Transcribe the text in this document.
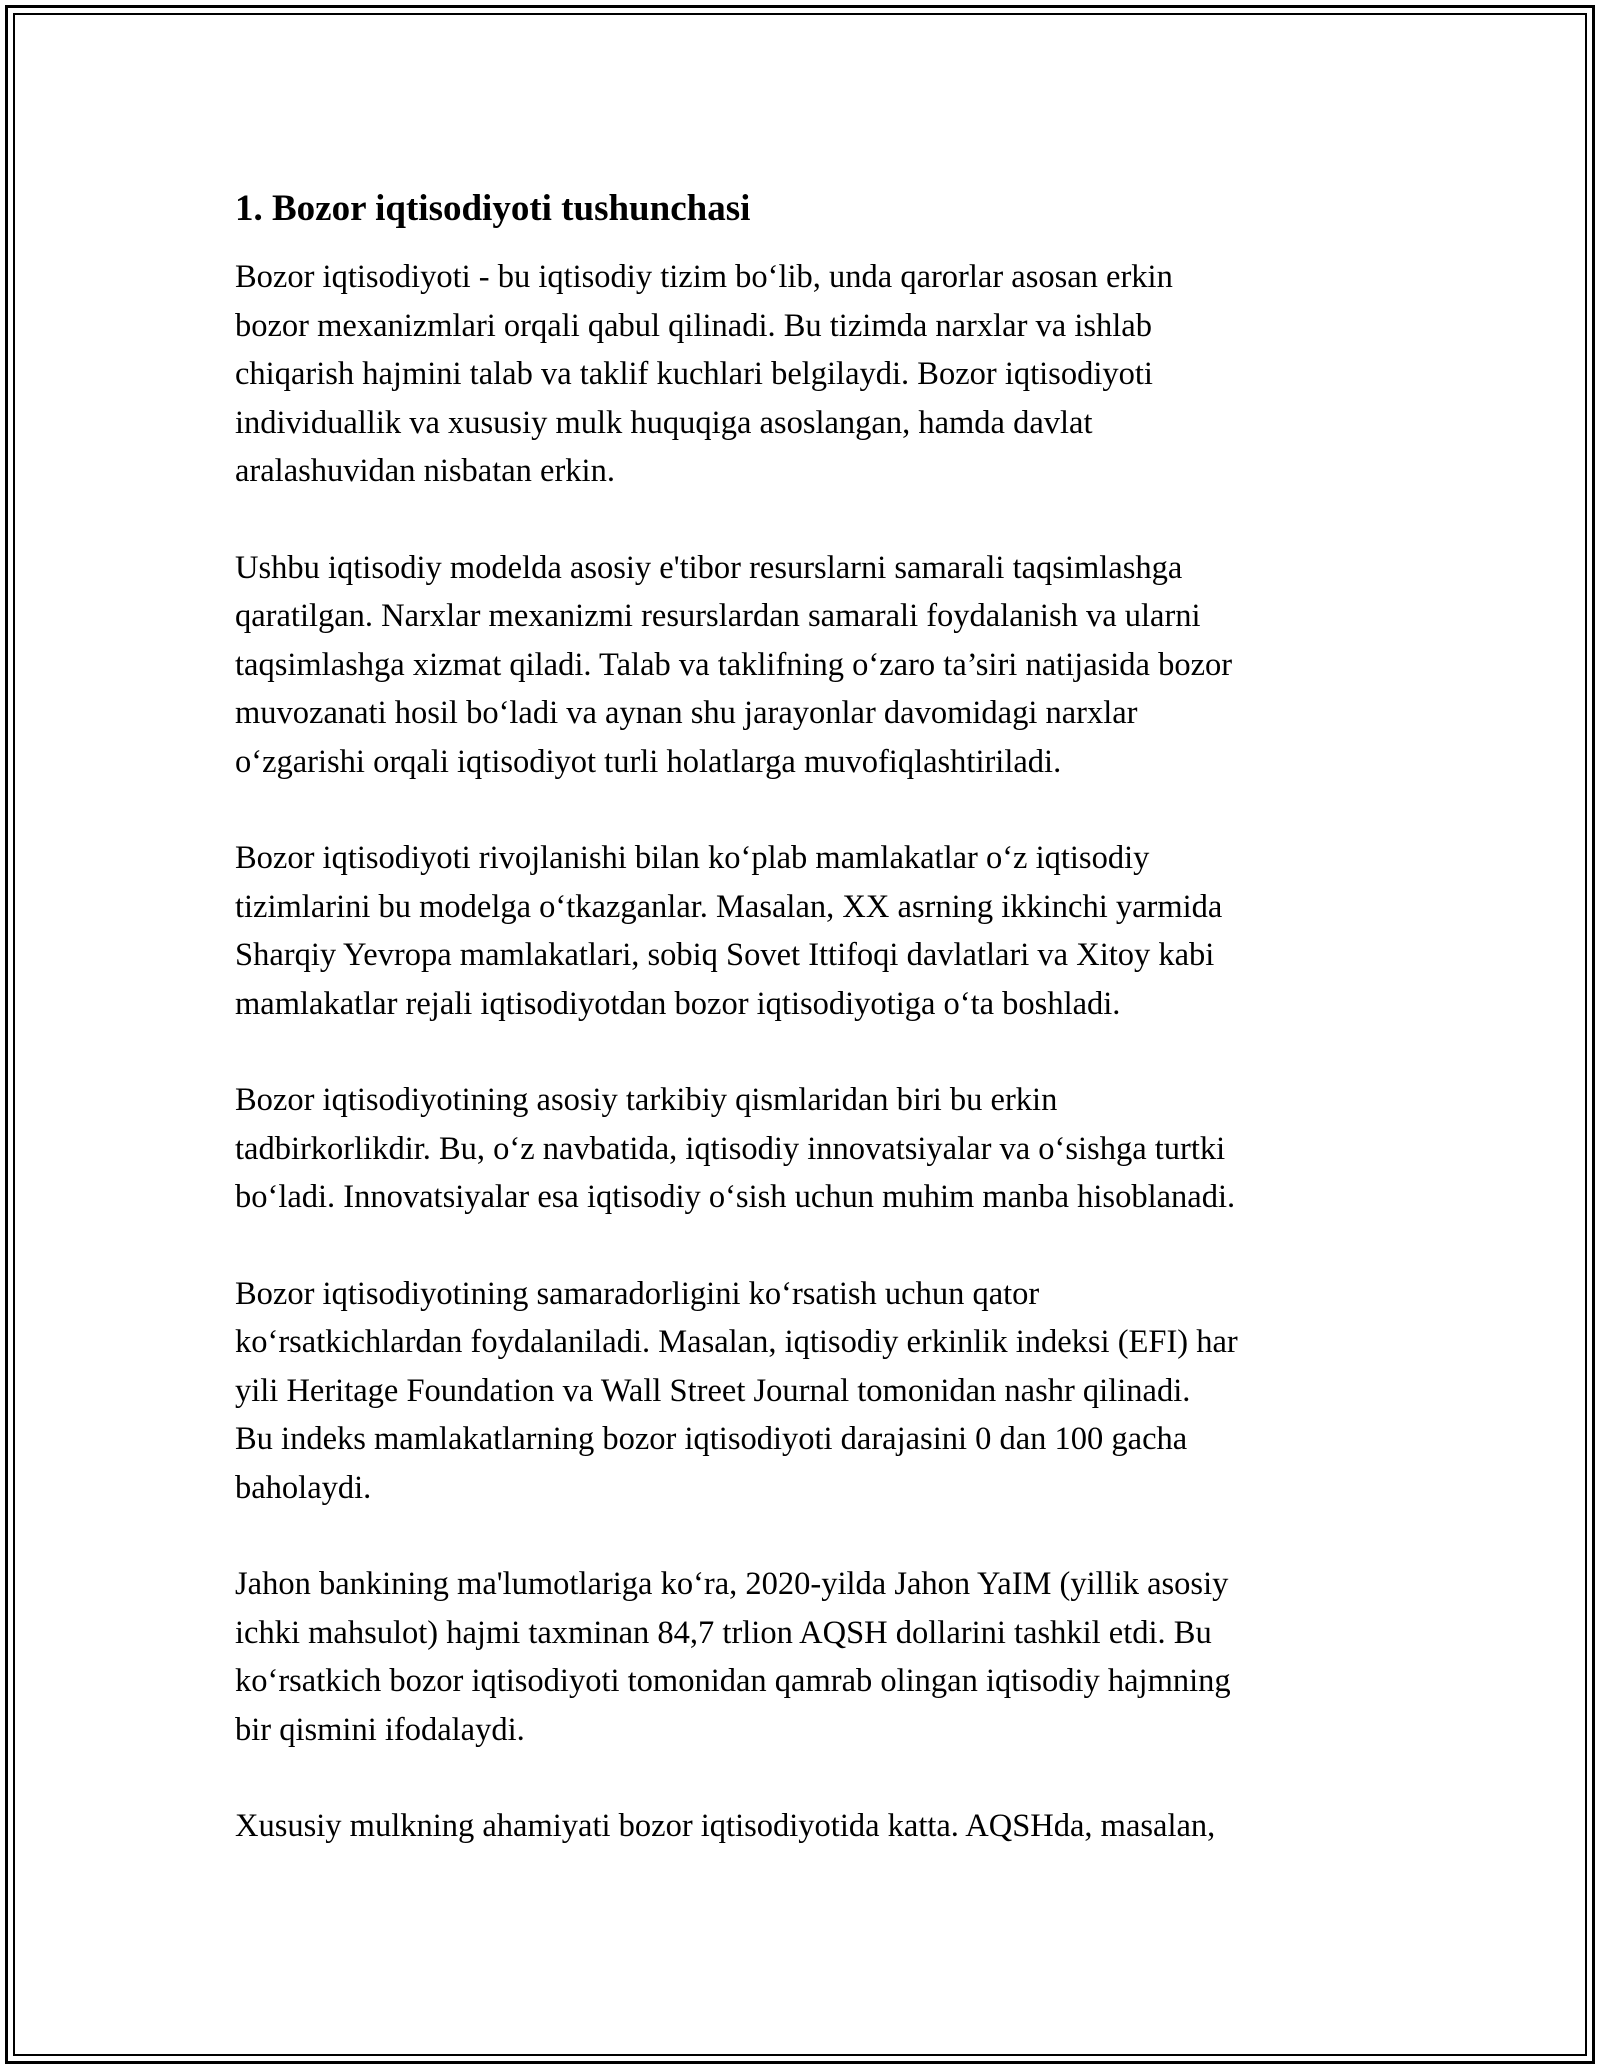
1. Bozor iqtisodiyoti tushunchasi

Bozor iqtisodiyoti - bu iqtisodiy tizim bo‘lib, unda qarorlar asosan erkin
bozor mexanizmlari orqali qabul qilinadi. Bu tizimda narxlar va ishlab
chiqarish hajmini talab va taklif kuchlari belgilaydi. Bozor iqtisodiyoti
individuallik va xususiy mulk huquqiga asoslangan, hamda davlat
aralashuvidan nisbatan erkin.

Ushbu iqtisodiy modelda asosiy e'tibor resurslarni samarali taqsimlashga
qaratilgan. Narxlar mexanizmi resurslardan samarali foydalanish va ularni
taqsimlashga xizmat qiladi. Talab va taklifning o‘zaro ta’siri natijasida bozor
muvozanati hosil bo‘ladi va aynan shu jarayonlar davomidagi narxlar
o‘zgarishi orqali iqtisodiyot turli holatlarga muvofiqlashtiriladi.

Bozor iqtisodiyoti rivojlanishi bilan ko‘plab mamlakatlar o‘z iqtisodiy
tizimlarini bu modelga o‘tkazganlar. Masalan, XX asrning ikkinchi yarmida
Sharqiy Yevropa mamlakatlari, sobiq Sovet Ittifoqi davlatlari va Xitoy kabi
mamlakatlar rejali iqtisodiyotdan bozor iqtisodiyotiga o‘ta boshladi.

Bozor iqtisodiyotining asosiy tarkibiy qismlaridan biri bu erkin
tadbirkorlikdir. Bu, o‘z navbatida, iqtisodiy innovatsiyalar va o‘sishga turtki
bo‘ladi. Innovatsiyalar esa iqtisodiy o‘sish uchun muhim manba hisoblanadi.

Bozor iqtisodiyotining samaradorligini ko‘rsatish uchun qator
ko‘rsatkichlardan foydalaniladi. Masalan, iqtisodiy erkinlik indeksi (EFI) har
yili Heritage Foundation va Wall Street Journal tomonidan nashr qilinadi.
Bu indeks mamlakatlarning bozor iqtisodiyoti darajasini 0 dan 100 gacha
baholaydi.

Jahon bankining ma'lumotlariga ko‘ra, 2020-yilda Jahon YaIM (yillik asosiy
ichki mahsulot) hajmi taxminan 84,7 trlion AQSH dollarini tashkil etdi. Bu
ko‘rsatkich bozor iqtisodiyoti tomonidan qamrab olingan iqtisodiy hajmning
bir qismini ifodalaydi.

Xususiy mulkning ahamiyati bozor iqtisodiyotida katta. AQSHda, masalan,
